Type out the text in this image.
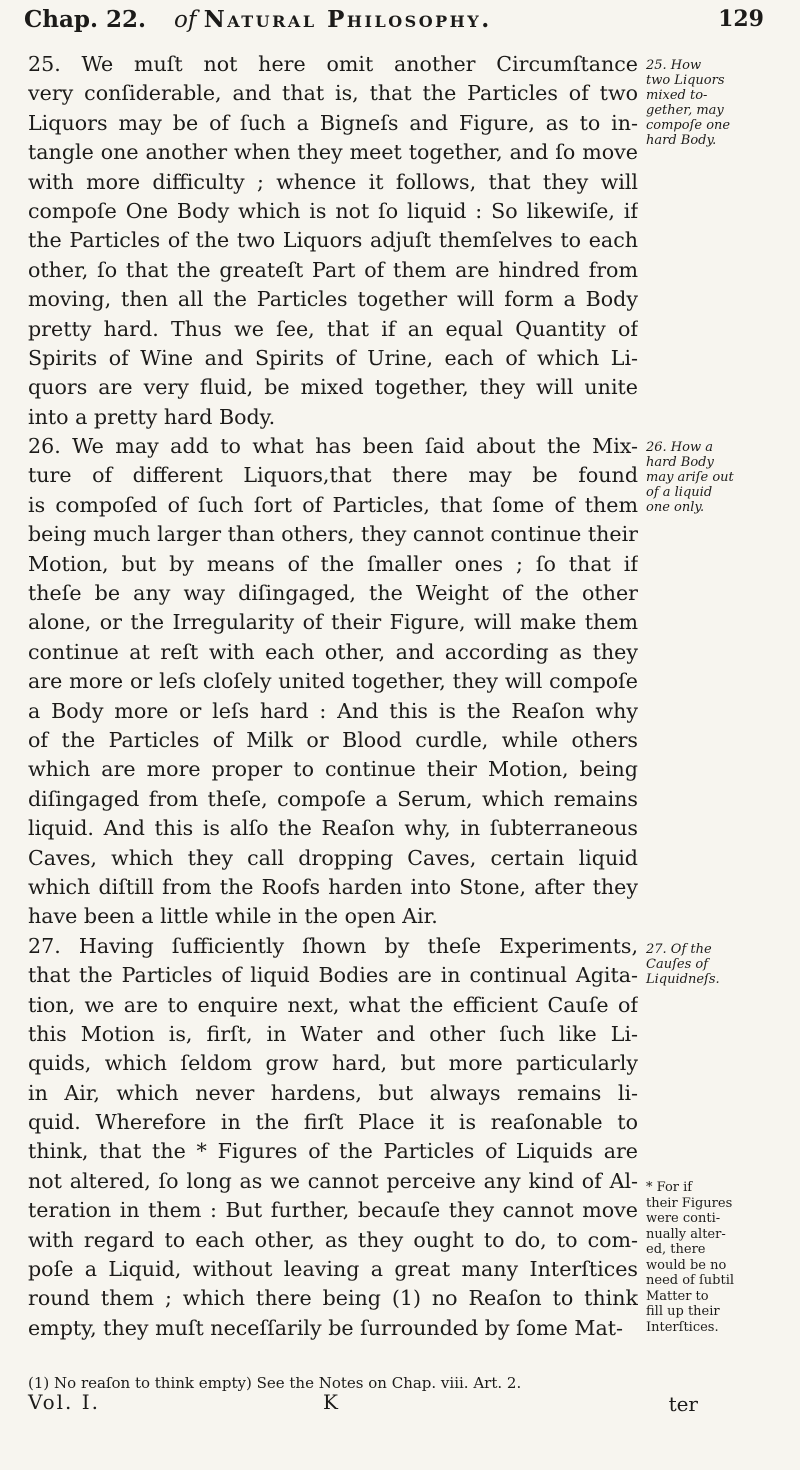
Chap. 22. of Natural Philosophy.	129
25. We muſt not here omit another Circumſtance
very conſiderable, and that is, that the Particles of two
Liquors may be of ſuch a Bigneſs and Figure, as to in-
tangle one another when they meet together, and ſo move
with more difficulty ; whence it follows, that they will
compoſe One Body which is not ſo liquid : So likewiſe, if
the Particles of the two Liquors adjuſt themſelves to each
other, ſo that the greateſt Part of them are hindred from
moving, then all the Particles together will form a Body
pretty hard. Thus we ſee, that if an equal Quantity of
Spirits of Wine and Spirits of Urine, each of which Li-
quors are very fluid, be mixed together, they will unite
into a pretty hard Body.
26. We may add to what has been ſaid about the Mix-
ture of different Liquors,that there may be found
is compoſed of ſuch ſort of Particles, that ſome of them
being much larger than others, they cannot continue their
Motion, but by means of the ſmaller ones ; ſo that if
theſe be any way diſingaged, the Weight of the other
alone, or the Irregularity of their Figure, will make them
continue at reſt with each other, and according as they
are more or leſs cloſely united together, they will compoſe
a Body more or leſs hard : And this is the Reaſon why
of the Particles of Milk or Blood curdle, while others
which are more proper to continue their Motion, being
diſingaged from theſe, compoſe a Serum, which remains
liquid. And this is alſo the Reaſon why, in ſubterraneous
Caves, which they call dropping Caves, certain liquid
which diſtill from the Roofs harden into Stone, after they
have been a little while in the open Air.
27. Having ſufficiently ſhown by theſe Experiments,
that the Particles of liquid Bodies are in continual Agita-
tion, we are to enquire next, what the efficient Cauſe of
this Motion is, firſt, in Water and other ſuch like Li-
quids, which ſeldom grow hard, but more particularly
in Air, which never hardens, but always remains li-
quid. Wherefore in the firſt Place it is reaſonable to
think, that the * Figures of the Particles of Liquids are
not altered, ſo long as we cannot perceive any kind of Al-
teration in them : But further, becauſe they cannot move
with regard to each other, as they ought to do, to com-
poſe a Liquid, without leaving a great many Interſtices
round them ; which there being (1) no Reaſon to think
empty, they muſt neceſſarily be ſurrounded by ſome Mat-
25. How
two Liquors
mixed to-
gether, may
compoſe one
hard Body.
26. How a
hard Body
may ariſe out
of a liquid
one only.
27. Of the
Cauſes of
Liquidneſs.
* For if
their Figures
were conti-
nually alter-
ed, there
would be no
need of ſubtil
Matter to
fill up their
Interſtices.
(1) No reaſon to think empty) See the Notes on Chap. viii. Art. 2.
Vol. I.	K	ter
